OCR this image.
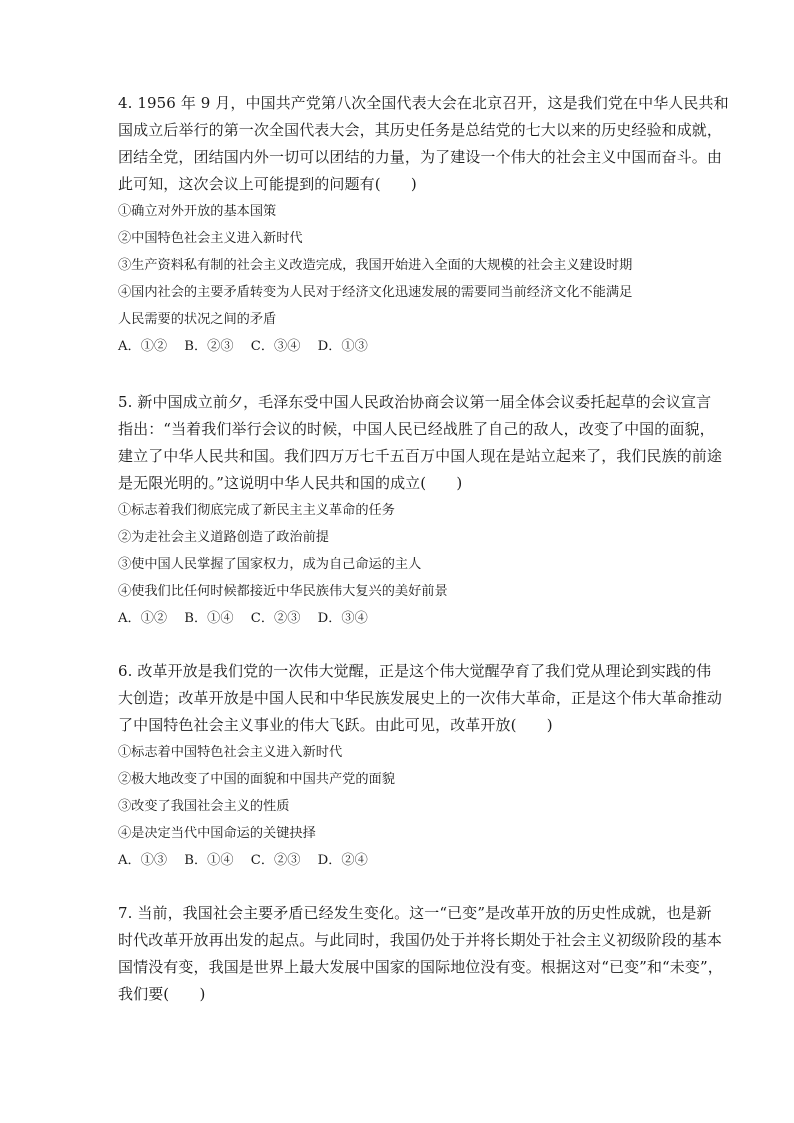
4. 1956 年 9 月，中国共产党第八次全国代表大会在北京召开，这是我们党在中华人民共和
国成立后举行的第一次全国代表大会，其历史任务是总结党的七大以来的历史经验和成就，
团结全党，团结国内外一切可以团结的力量，为了建设一个伟大的社会主义中国而奋斗。由
此可知，这次会议上可能提到的问题有(　　)
①确立对外开放的基本国策
②中国特色社会主义进入新时代
③生产资料私有制的社会主义改造完成，我国开始进入全面的大规模的社会主义建设时期
④国内社会的主要矛盾转变为人民对于经济文化迅速发展的需要同当前经济文化不能满足
人民需要的状况之间的矛盾
A．①② B．②③ C．③④ D．①③
5. 新中国成立前夕，毛泽东受中国人民政治协商会议第一届全体会议委托起草的会议宣言
指出：“当着我们举行会议的时候，中国人民已经战胜了自己的敌人，改变了中国的面貌，
建立了中华人民共和国。我们四万万七千五百万中国人现在是站立起来了，我们民族的前途
是无限光明的。”这说明中华人民共和国的成立(　　)
①标志着我们彻底完成了新民主主义革命的任务
②为走社会主义道路创造了政治前提
③使中国人民掌握了国家权力，成为自己命运的主人
④使我们比任何时候都接近中华民族伟大复兴的美好前景
A．①② B．①④ C．②③ D．③④
6. 改革开放是我们党的一次伟大觉醒，正是这个伟大觉醒孕育了我们党从理论到实践的伟
大创造；改革开放是中国人民和中华民族发展史上的一次伟大革命，正是这个伟大革命推动
了中国特色社会主义事业的伟大飞跃。由此可见，改革开放(　　)
①标志着中国特色社会主义进入新时代
②极大地改变了中国的面貌和中国共产党的面貌
③改变了我国社会主义的性质
④是决定当代中国命运的关键抉择
A．①③ B．①④ C．②③ D．②④
7. 当前，我国社会主要矛盾已经发生变化。这一“已变”是改革开放的历史性成就，也是新
时代改革开放再出发的起点。与此同时，我国仍处于并将长期处于社会主义初级阶段的基本
国情没有变，我国是世界上最大发展中国家的国际地位没有变。根据这对“已变”和“未变”，
我们要(　　)
